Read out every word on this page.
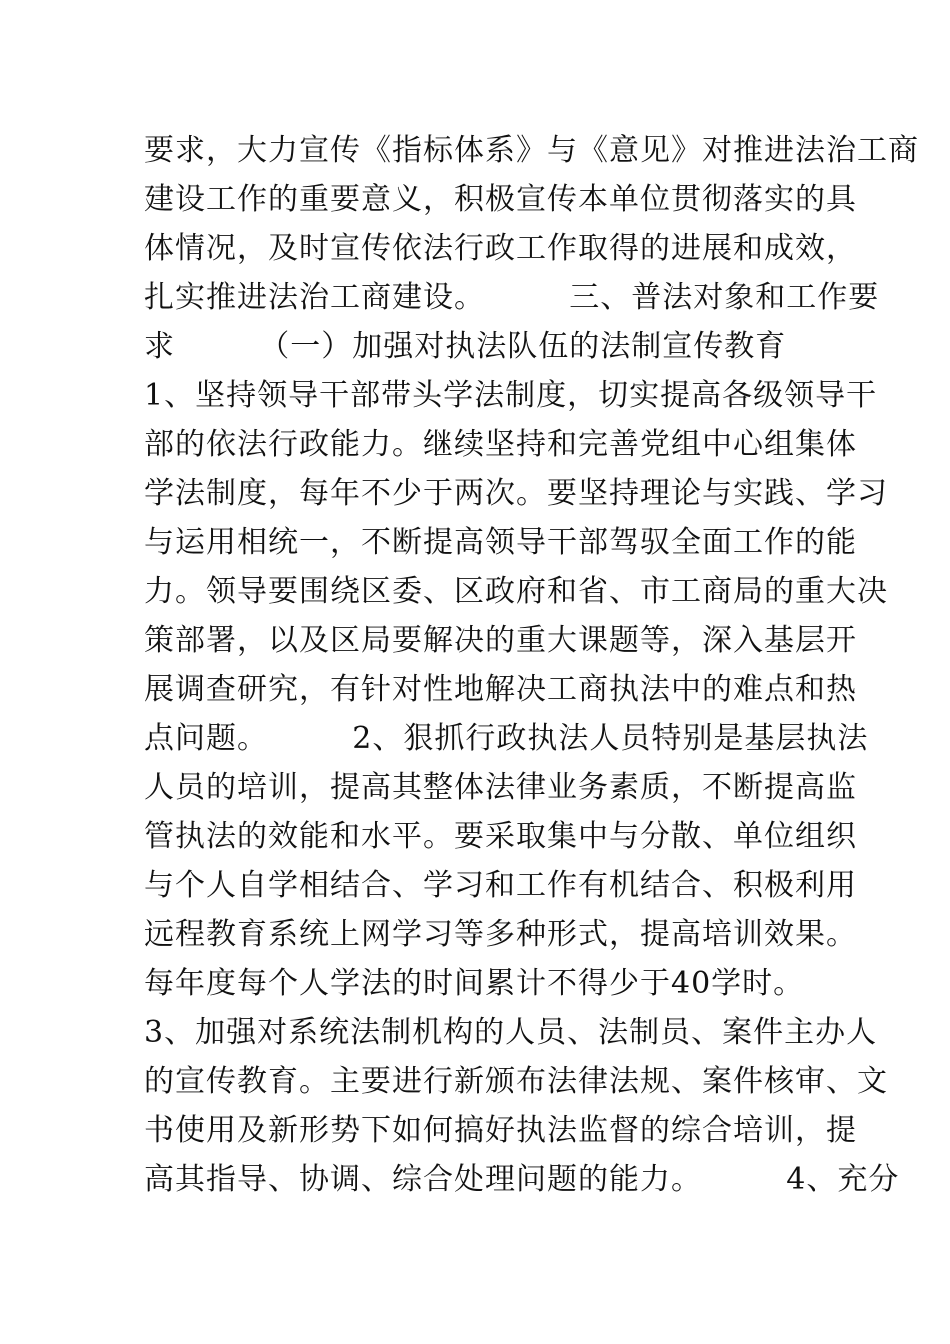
要求，大力宣传《指标体系》与《意见》对推进法治工商
建设工作的重要意义，积极宣传本单位贯彻落实的具
体情况，及时宣传依法行政工作取得的进展和成效，
扎实推进法治工商建设。        三、普法对象和工作要
求        （一）加强对执法队伍的法制宣传教育
1、坚持领导干部带头学法制度，切实提高各级领导干
部的依法行政能力。继续坚持和完善党组中心组集体
学法制度，每年不少于两次。要坚持理论与实践、学习
与运用相统一，不断提高领导干部驾驭全面工作的能
力。领导要围绕区委、区政府和省、市工商局的重大决
策部署，以及区局要解决的重大课题等，深入基层开
展调查研究，有针对性地解决工商执法中的难点和热
点问题。        2、狠抓行政执法人员特别是基层执法
人员的培训，提高其整体法律业务素质，不断提高监
管执法的效能和水平。要采取集中与分散、单位组织
与个人自学相结合、学习和工作有机结合、积极利用
远程教育系统上网学习等多种形式，提高培训效果。
每年度每个人学法的时间累计不得少于40学时。
3、加强对系统法制机构的人员、法制员、案件主办人
的宣传教育。主要进行新颁布法律法规、案件核审、文
书使用及新形势下如何搞好执法监督的综合培训，提
高其指导、协调、综合处理问题的能力。        4、充分
